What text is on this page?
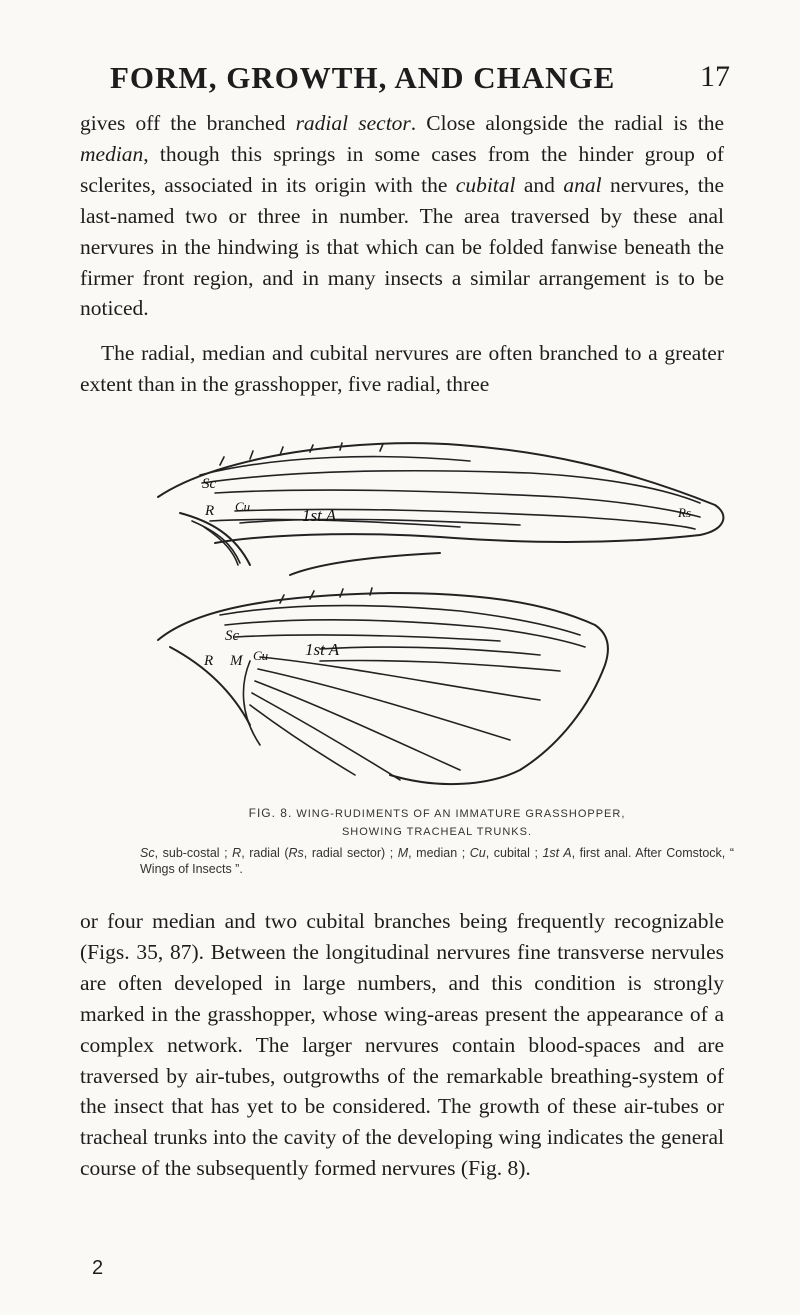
FORM, GROWTH, AND CHANGE	17

gives off the branched radial sector. Close alongside the radial is the median, though this springs in some cases from the hinder group of sclerites, associated in its origin with the cubital and anal nervures, the last-named two or three in number. The area traversed by these anal nervures in the hindwing is that which can be folded fanwise beneath the firmer front region, and in many insects a similar arrangement is to be noticed.

The radial, median and cubital nervures are often branched to a greater extent than in the grasshopper, five radial, three

Sc
R Cu	1st A	Rs
Sc
R M Cu 1st A

FIG. 8. WING-RUDIMENTS OF AN IMMATURE GRASSHOPPER,
SHOWING TRACHEAL TRUNKS.

Sc, sub-costal ; R, radial (Rs, radial sector) ; M, median ; Cu, cubital ; 1st A, first anal. After Comstock, “ Wings of Insects ”.

or four median and two cubital branches being frequently recognizable (Figs. 35, 87). Between the longitudinal nervures fine transverse nervules are often developed in large numbers, and this condition is strongly marked in the grasshopper, whose wing-areas present the appearance of a complex network. The larger nervures contain blood-spaces and are traversed by air-tubes, outgrowths of the remarkable breathing-system of the insect that has yet to be considered. The growth of these air-tubes or tracheal trunks into the cavity of the developing wing indicates the general course of the subsequently formed nervures (Fig. 8).

2
